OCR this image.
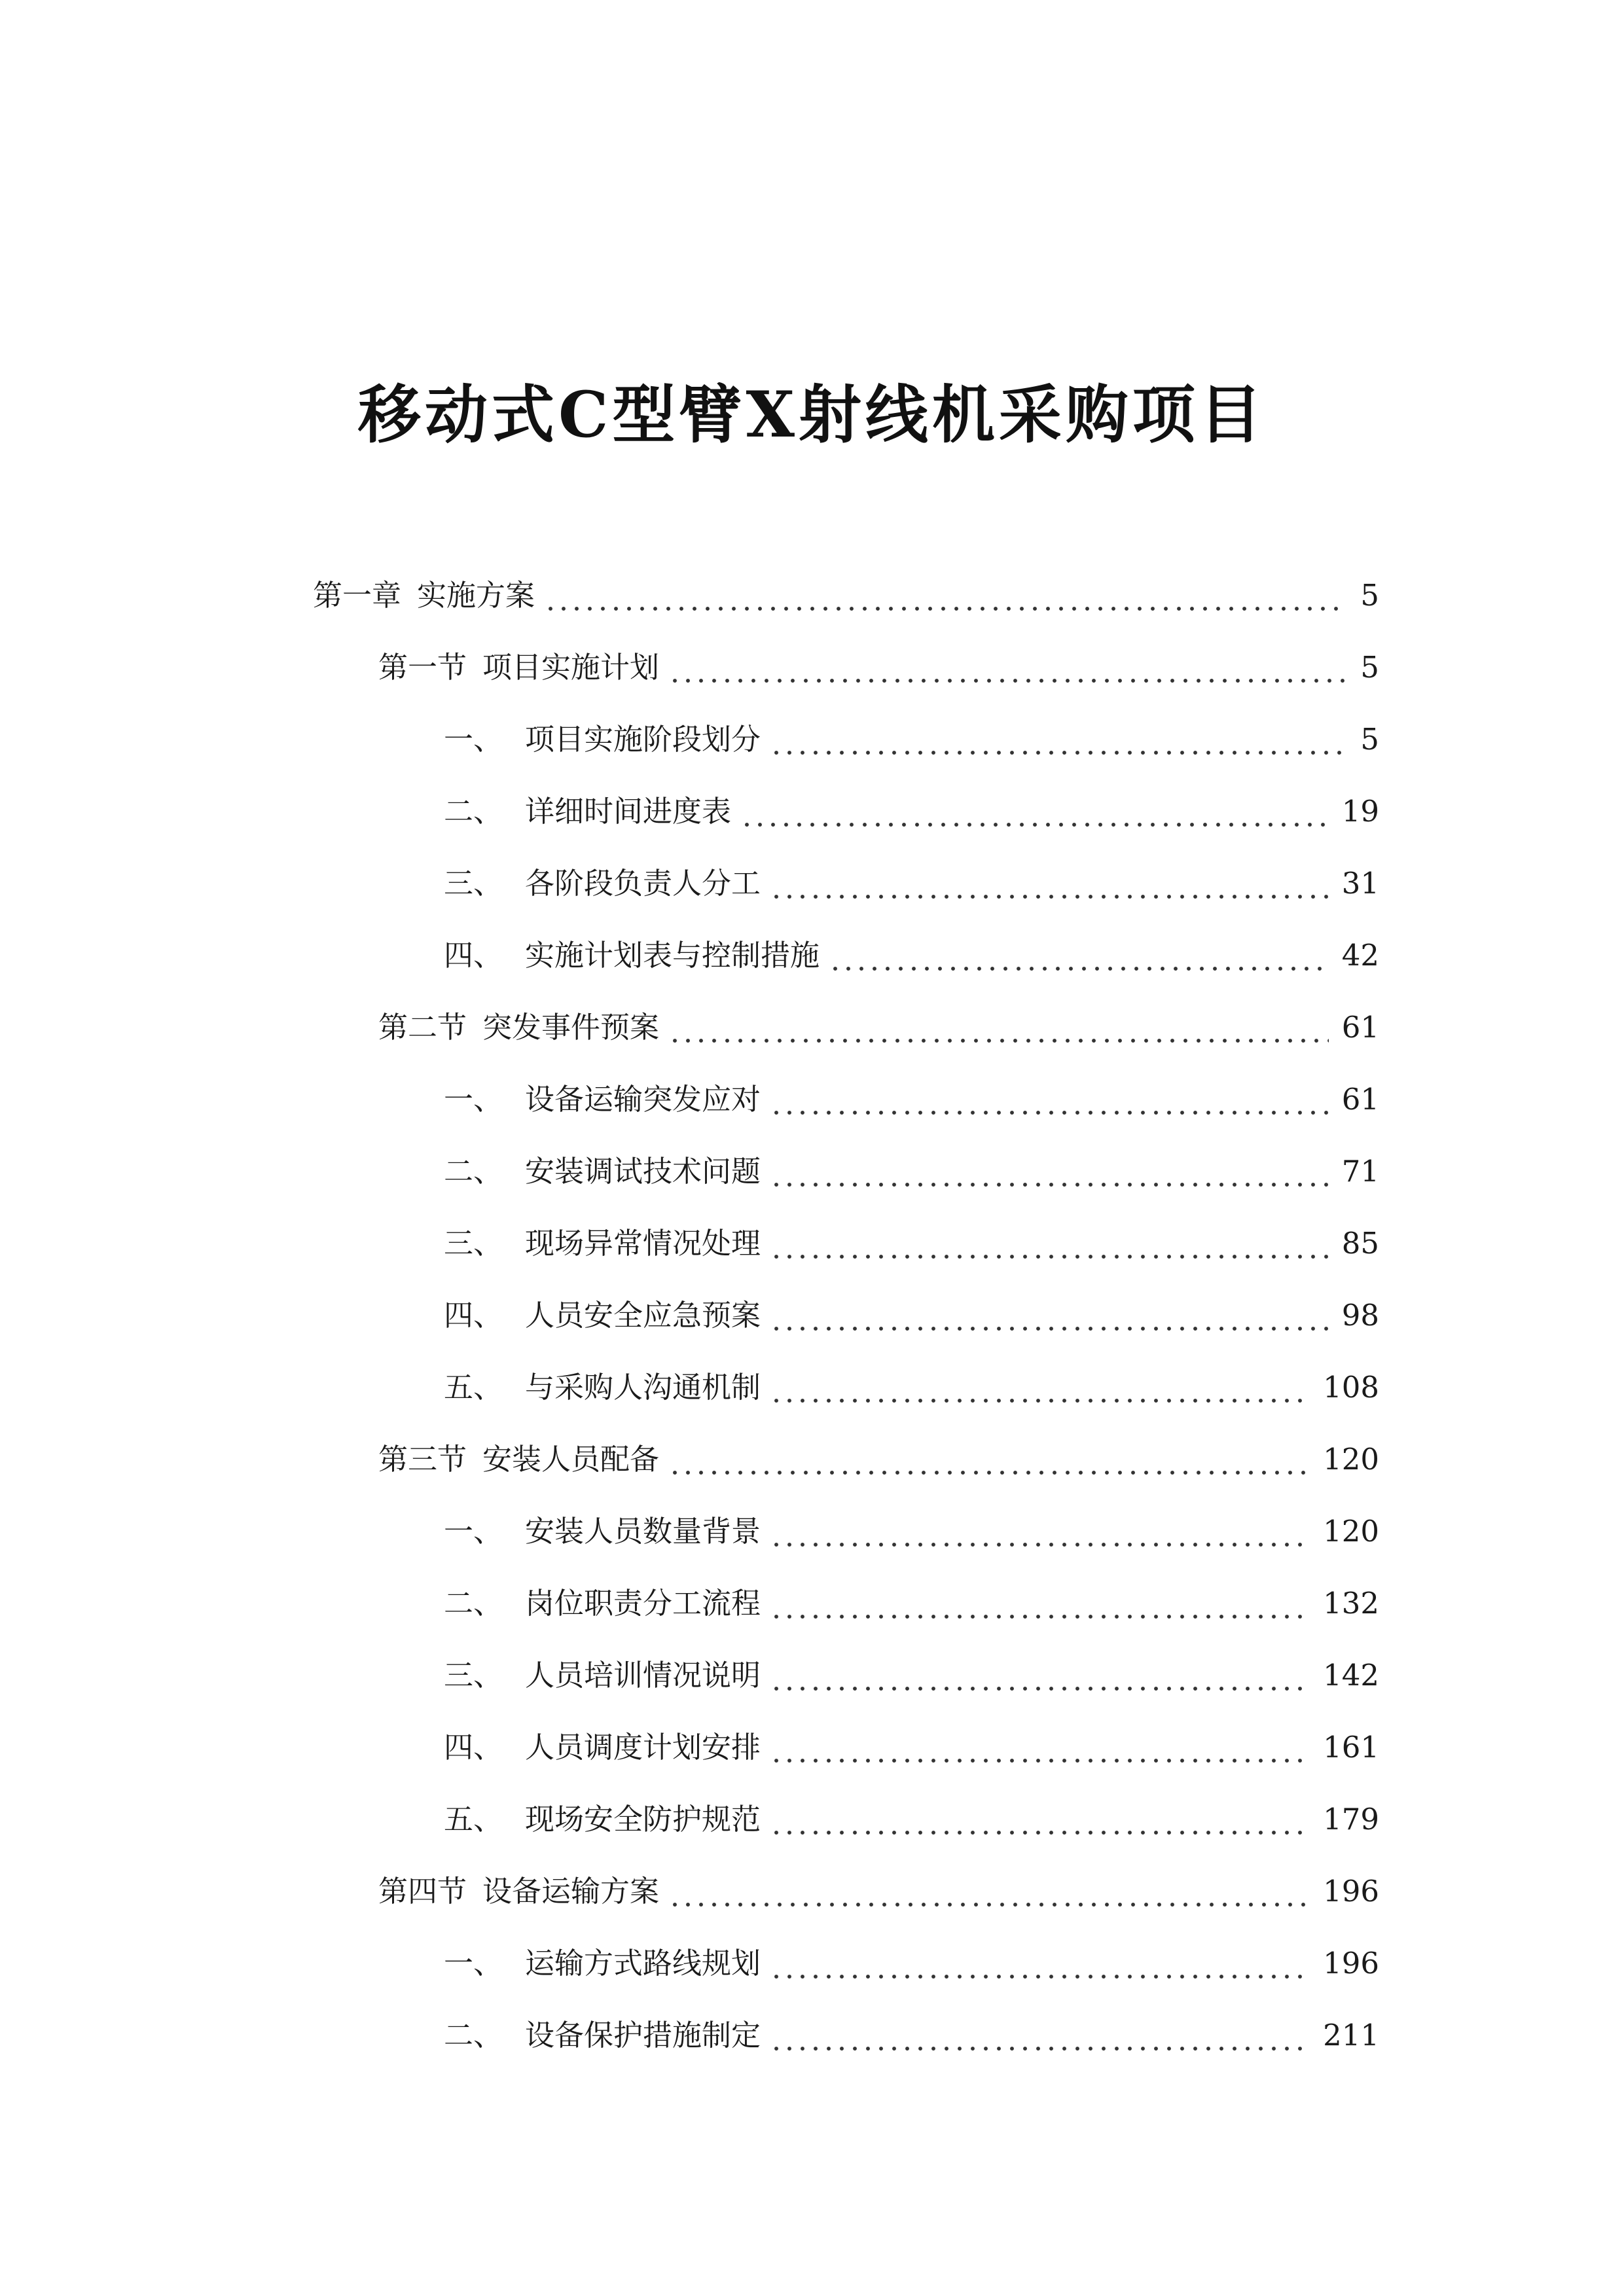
移动式C型臂X射线机采购项目
第一章 实施方案	5
第一节 项目实施计划	5
一、 项目实施阶段划分	5
二、 详细时间进度表	19
三、 各阶段负责人分工	31
四、 实施计划表与控制措施	42
第二节 突发事件预案	61
一、 设备运输突发应对	61
二、 安装调试技术问题	71
三、 现场异常情况处理	85
四、 人员安全应急预案	98
五、 与采购人沟通机制	108
第三节 安装人员配备	120
一、 安装人员数量背景	120
二、 岗位职责分工流程	132
三、 人员培训情况说明	142
四、 人员调度计划安排	161
五、 现场安全防护规范	179
第四节 设备运输方案	196
一、 运输方式路线规划	196
二、 设备保护措施制定	211
